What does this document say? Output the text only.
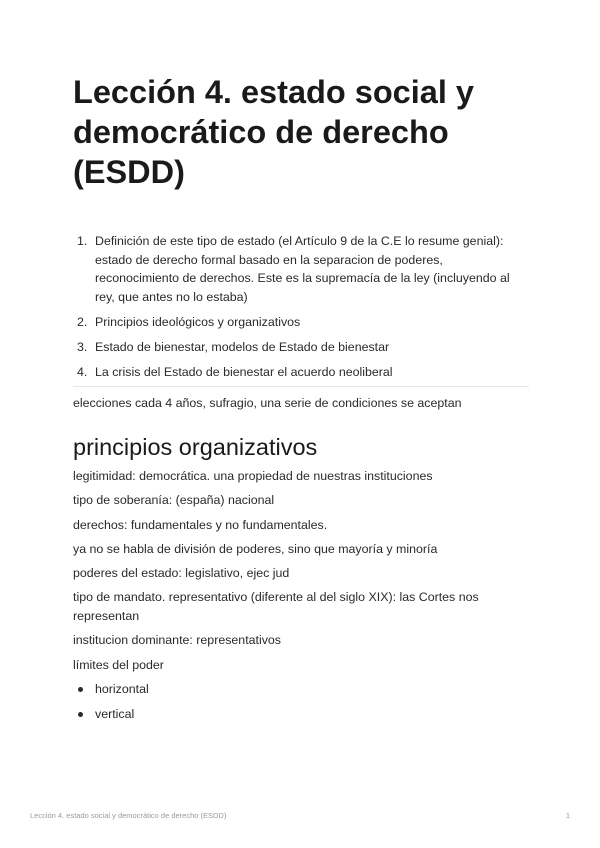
Lección 4. estado social y democrático de derecho (ESDD)
1. Definición de este tipo de estado (el Artículo 9 de la C.E lo resume genial): estado de derecho formal basado en la separacion de poderes, reconocimiento de derechos. Este es la supremacía de la ley (incluyendo al rey, que antes no lo estaba)
2. Principios ideológicos y organizativos
3. Estado de bienestar, modelos de Estado de bienestar
4. La crisis del Estado de bienestar el acuerdo neoliberal

elecciones cada 4 años, sufragio, una serie de condiciones se aceptan

principios organizativos

legitimidad: democrática. una propiedad de nuestras instituciones

tipo de soberanía: (españa) nacional

derechos: fundamentales y no fundamentales.

ya no se habla de división de poderes, sino que mayoría y minoría

poderes del estado: legislativo, ejec jud

tipo de mandato. representativo (diferente al del siglo XIX): las Cortes nos representan

institucion dominante: representativos

límites del poder

horizontal
vertical
Lección 4. estado social y democrático de derecho (ESDD)	1
